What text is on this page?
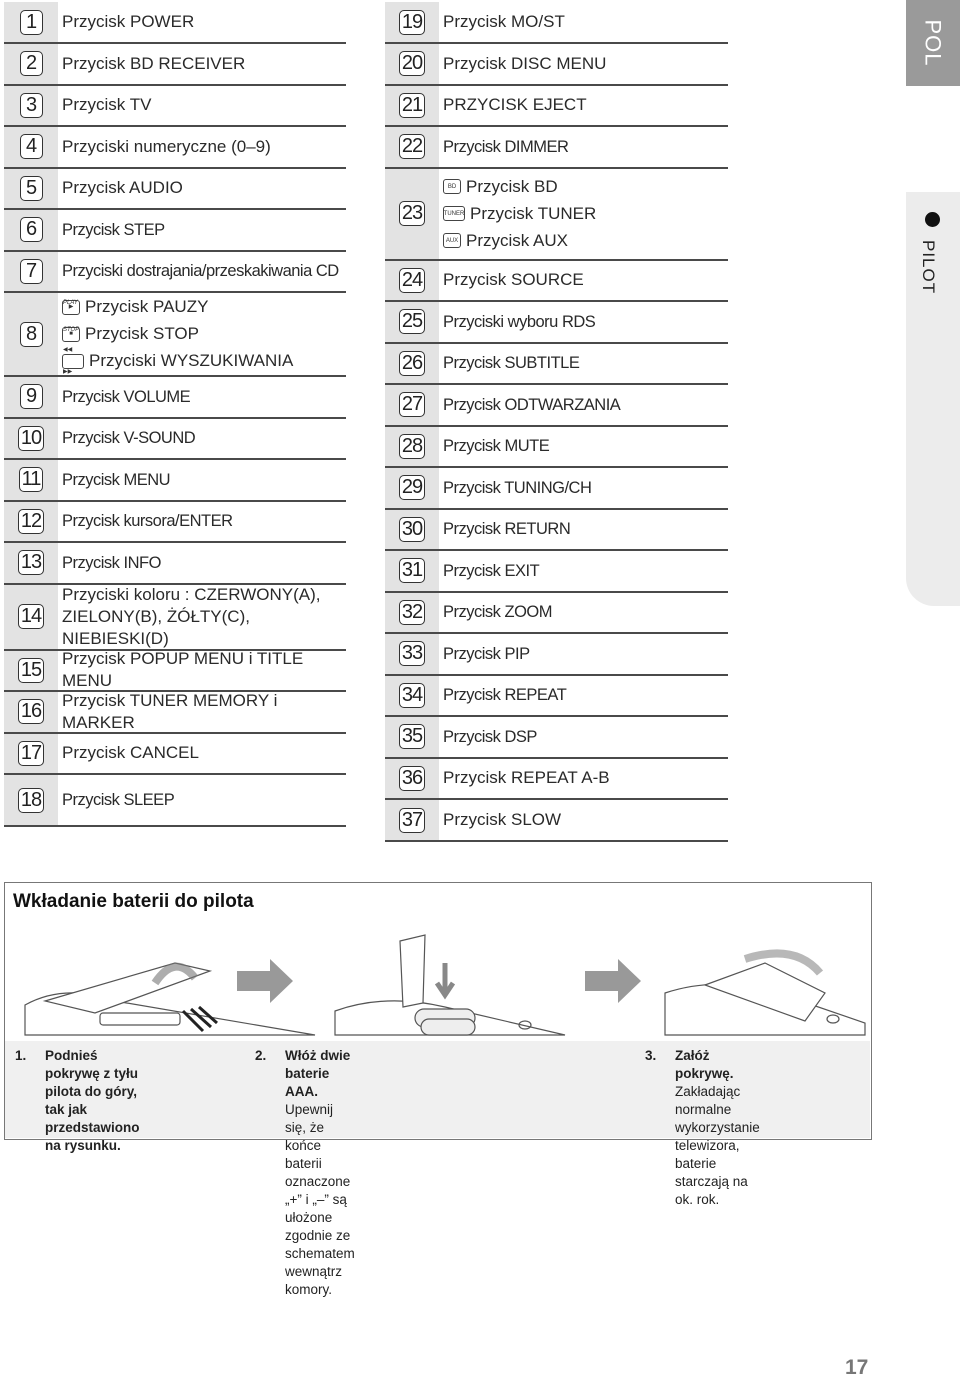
1	Przycisk POWER
2	Przycisk BD RECEIVER
3	Przycisk TV
4	Przyciski numeryczne (0–9)
5	Przycisk AUDIO
6	Przycisk STEP
7	Przyciski dostrajania/przeskakiwania CD
8
▶
PLAY Przycisk PAUZY
■
STOP Przycisk STOP
◀◀ ▶▶
Przyciski WYSZUKIWANIA
9	Przycisk VOLUME
10 Przycisk V-SOUND
11 Przycisk MENU
12 Przycisk kursora/ENTER
13 Przycisk INFO
14
Przyciski koloru : CZERWONY(A),
ZIELONY(B), ŻÓŁTY(C),
NIEBIESKI(D)
15 Przycisk POPUP MENU i TITLE MENU
16 Przycisk TUNER MEMORY i MARKER
17 Przycisk CANCEL
18 Przycisk SLEEP
19 Przycisk MO/ST
20 Przycisk DISC MENU
21 PRZYCISK EJECT
22 Przycisk DIMMER
23
BD Przycisk BD
TUNER Przycisk TUNER
AUX Przycisk AUX
24 Przycisk SOURCE
25 Przyciski wyboru RDS
26 Przycisk SUBTITLE
27 Przycisk ODTWARZANIA
28 Przycisk MUTE
29 Przycisk TUNING/CH
30 Przycisk RETURN
31 Przycisk EXIT
32 Przycisk ZOOM
33 Przycisk PIP
34 Przycisk REPEAT
35 Przycisk DSP
36 Przycisk REPEAT A-B
37 Przycisk SLOW
POL
PILOT
Wkładanie baterii do pilota
1. Podnieś pokrywę z tyłu
pilota do góry, tak jak
przedstawiono na rysunku.
2. Włóż dwie baterie AAA.
Upewnij się, że końce baterii oznaczone „+” i „–” są
ułożone zgodnie ze schematem wewnątrz komory.
3. Załóż pokrywę.
Zakładając normalne
wykorzystanie telewizora,
baterie starczają na ok. rok.
17
